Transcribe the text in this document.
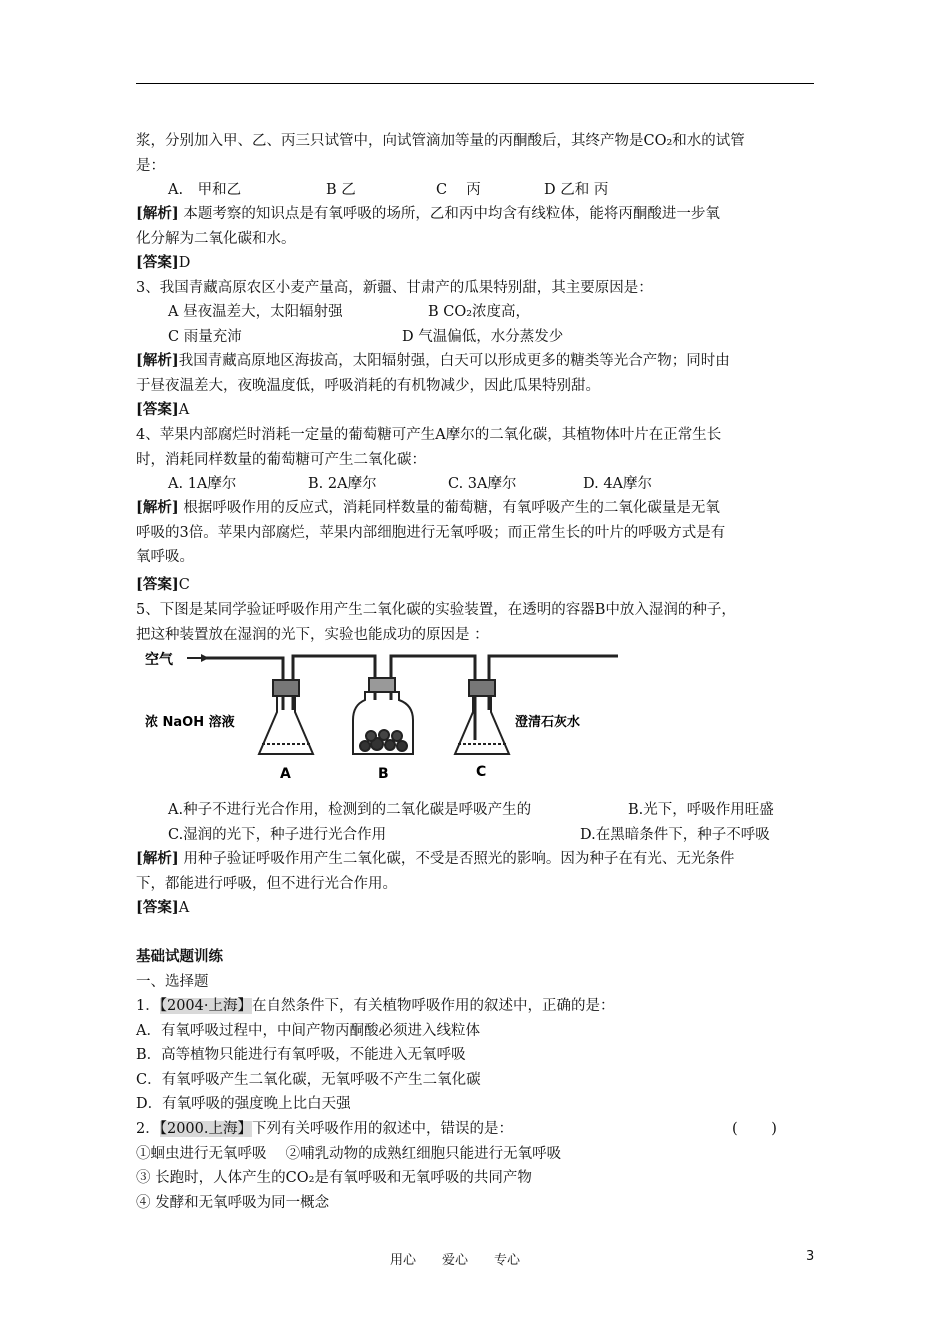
浆，分别加入甲、乙、丙三只试管中，向试管滴加等量的丙酮酸后，其终产物是CO₂和水的试管
是：
A.　甲和乙	B 乙	C　 丙	D 乙和 丙
[解析] 本题考察的知识点是有氧呼吸的场所，乙和丙中均含有线粒体，能将丙酮酸进一步氧
化分解为二氧化碳和水。
[答案]D
3、我国青藏高原农区小麦产量高，新疆、甘肃产的瓜果特别甜，其主要原因是：
A 昼夜温差大，太阳辐射强	B CO₂浓度高，
C 雨量充沛	D 气温偏低，水分蒸发少
[解析]我国青藏高原地区海拔高，太阳辐射强，白天可以形成更多的糖类等光合产物；同时由
于昼夜温差大，夜晚温度低，呼吸消耗的有机物减少，因此瓜果特别甜。
[答案]A
4、苹果内部腐烂时消耗一定量的葡萄糖可产生A摩尔的二氧化碳，其植物体叶片在正常生长
时，消耗同样数量的葡萄糖可产生二氧化碳：
A. 1A摩尔	B. 2A摩尔	C. 3A摩尔	D. 4A摩尔
[解析] 根据呼吸作用的反应式，消耗同样数量的葡萄糖，有氧呼吸产生的二氧化碳量是无氧
呼吸的3倍。苹果内部腐烂，苹果内部细胞进行无氧呼吸；而正常生长的叶片的呼吸方式是有
氧呼吸。
[答案]C
5、下图是某同学验证呼吸作用产生二氧化碳的实验装置，在透明的容器B中放入湿润的种子，
把这种装置放在湿润的光下，实验也能成功的原因是 ：
空气
浓 NaOH 溶液	澄清石灰水
A	B	C
A.种子不进行光合作用，检测到的二氧化碳是呼吸产生的	B.光下，呼吸作用旺盛
C.湿润的光下，种子进行光合作用	D.在黑暗条件下，种子不呼吸
[解析] 用种子验证呼吸作用产生二氧化碳，不受是否照光的影响。因为种子在有光、无光条件
下，都能进行呼吸，但不进行光合作用。
[答案]A
基础试题训练
一、选择题
1．【2004·上海】在自然条件下，有关植物呼吸作用的叙述中，正确的是：
A．有氧呼吸过程中，中间产物丙酮酸必须进入线粒体
B．高等植物只能进行有氧呼吸，不能进入无氧呼吸
C．有氧呼吸产生二氧化碳，无氧呼吸不产生二氧化碳
D．有氧呼吸的强度晚上比白天强
2．【2000.上海】下列有关呼吸作用的叙述中，错误的是：	(　　 )
①蛔虫进行无氧呼吸　 ②哺乳动物的成熟红细胞只能进行无氧呼吸
③ 长跑时，人体产生的CO₂是有氧呼吸和无氧呼吸的共同产物
④ 发酵和无氧呼吸为同一概念
用心　　爱心　　专心	3
